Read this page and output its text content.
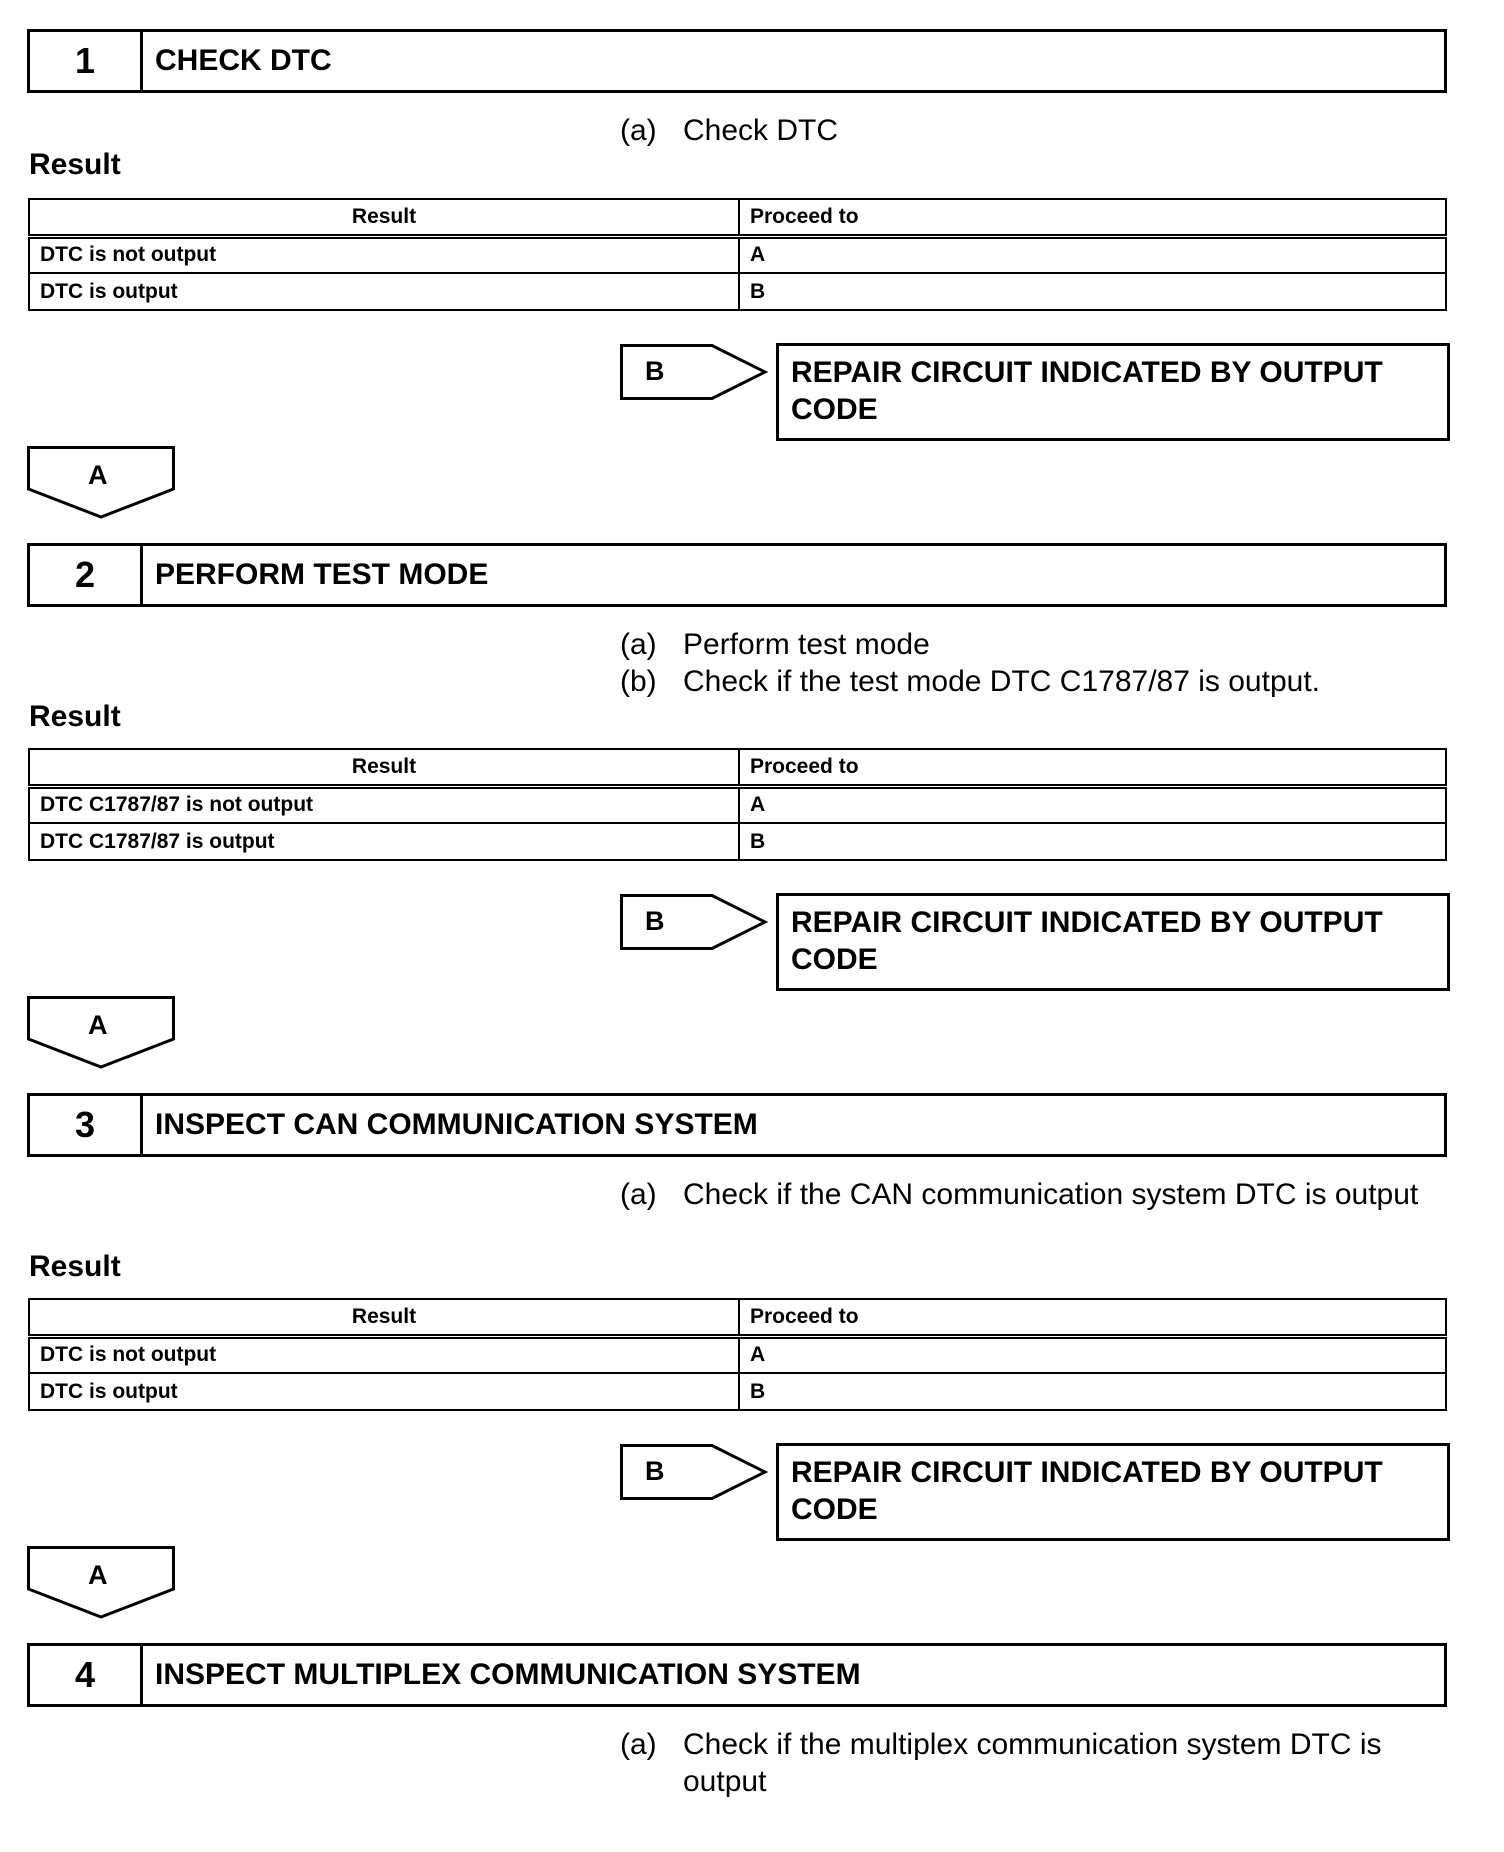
1	CHECK DTC
(a) Check DTC
Result
Result	Proceed to
DTC is not output	A
DTC is output	B
B	REPAIR CIRCUIT INDICATED BY OUTPUT CODE
A
2	PERFORM TEST MODE
(a) Perform test mode
(b) Check if the test mode DTC C1787/87 is output.
Result
Result	Proceed to
DTC C1787/87 is not output	A
DTC C1787/87 is output	B
B	REPAIR CIRCUIT INDICATED BY OUTPUT CODE
A
3	INSPECT CAN COMMUNICATION SYSTEM
(a) Check if the CAN communication system DTC is output
Result
Result	Proceed to
DTC is not output	A
DTC is output	B
B	REPAIR CIRCUIT INDICATED BY OUTPUT CODE
A
4	INSPECT MULTIPLEX COMMUNICATION SYSTEM
(a) Check if the multiplex communication system DTC is output
